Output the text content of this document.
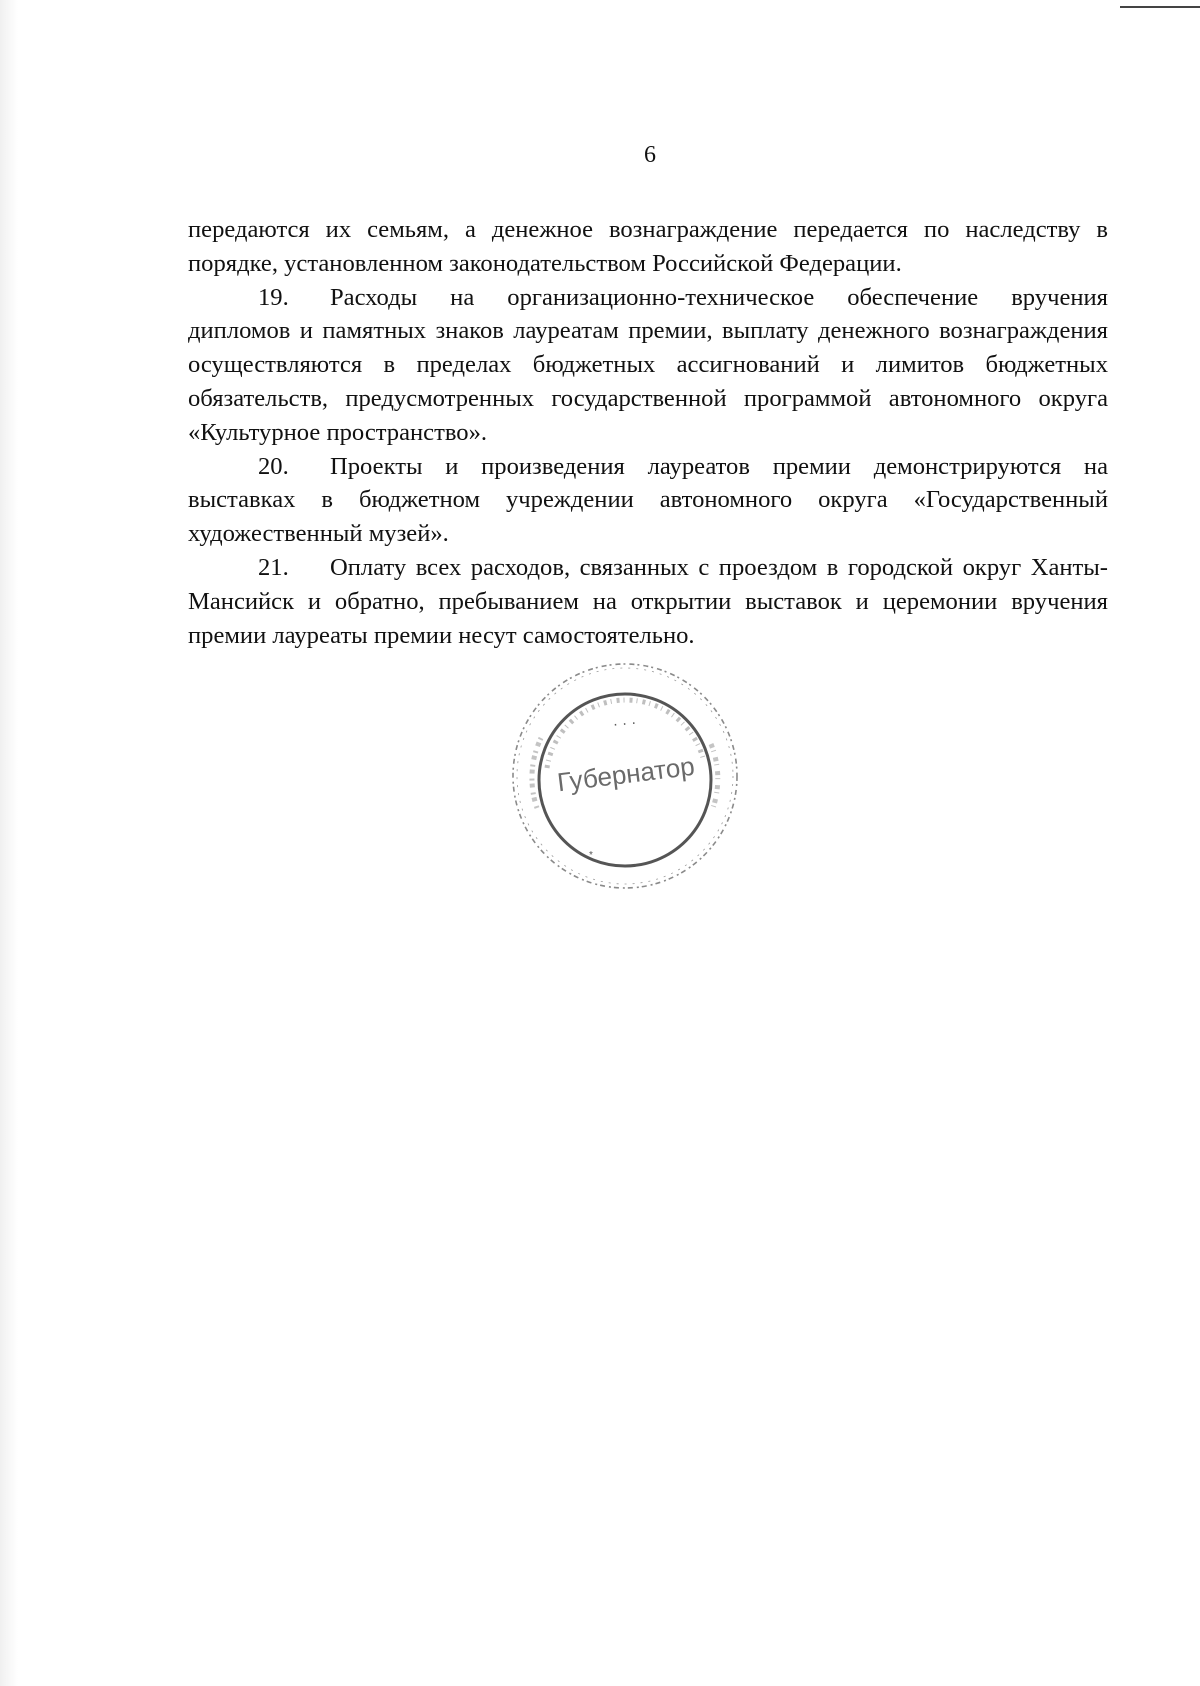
6

передаются их семьям, а денежное вознаграждение передается по наследству в порядке, установленном законодательством Российской Федерации.

19. Расходы на организационно-техническое обеспечение вручения дипломов и памятных знаков лауреатам премии, выплату денежного вознаграждения осуществляются в пределах бюджетных ассигнований и лимитов бюджетных обязательств, предусмотренных государственной программой автономного округа «Культурное пространство».

20. Проекты и произведения лауреатов премии демонстрируются на выставках в бюджетном учреждении автономного округа «Государственный художественный музей».

21. Оплату всех расходов, связанных с проездом в городской округ Ханты-Мансийск и обратно, пребыванием на открытии выставок и церемонии вручения премии лауреаты премии несут самостоятельно.

· · ·
Губернатор
*
